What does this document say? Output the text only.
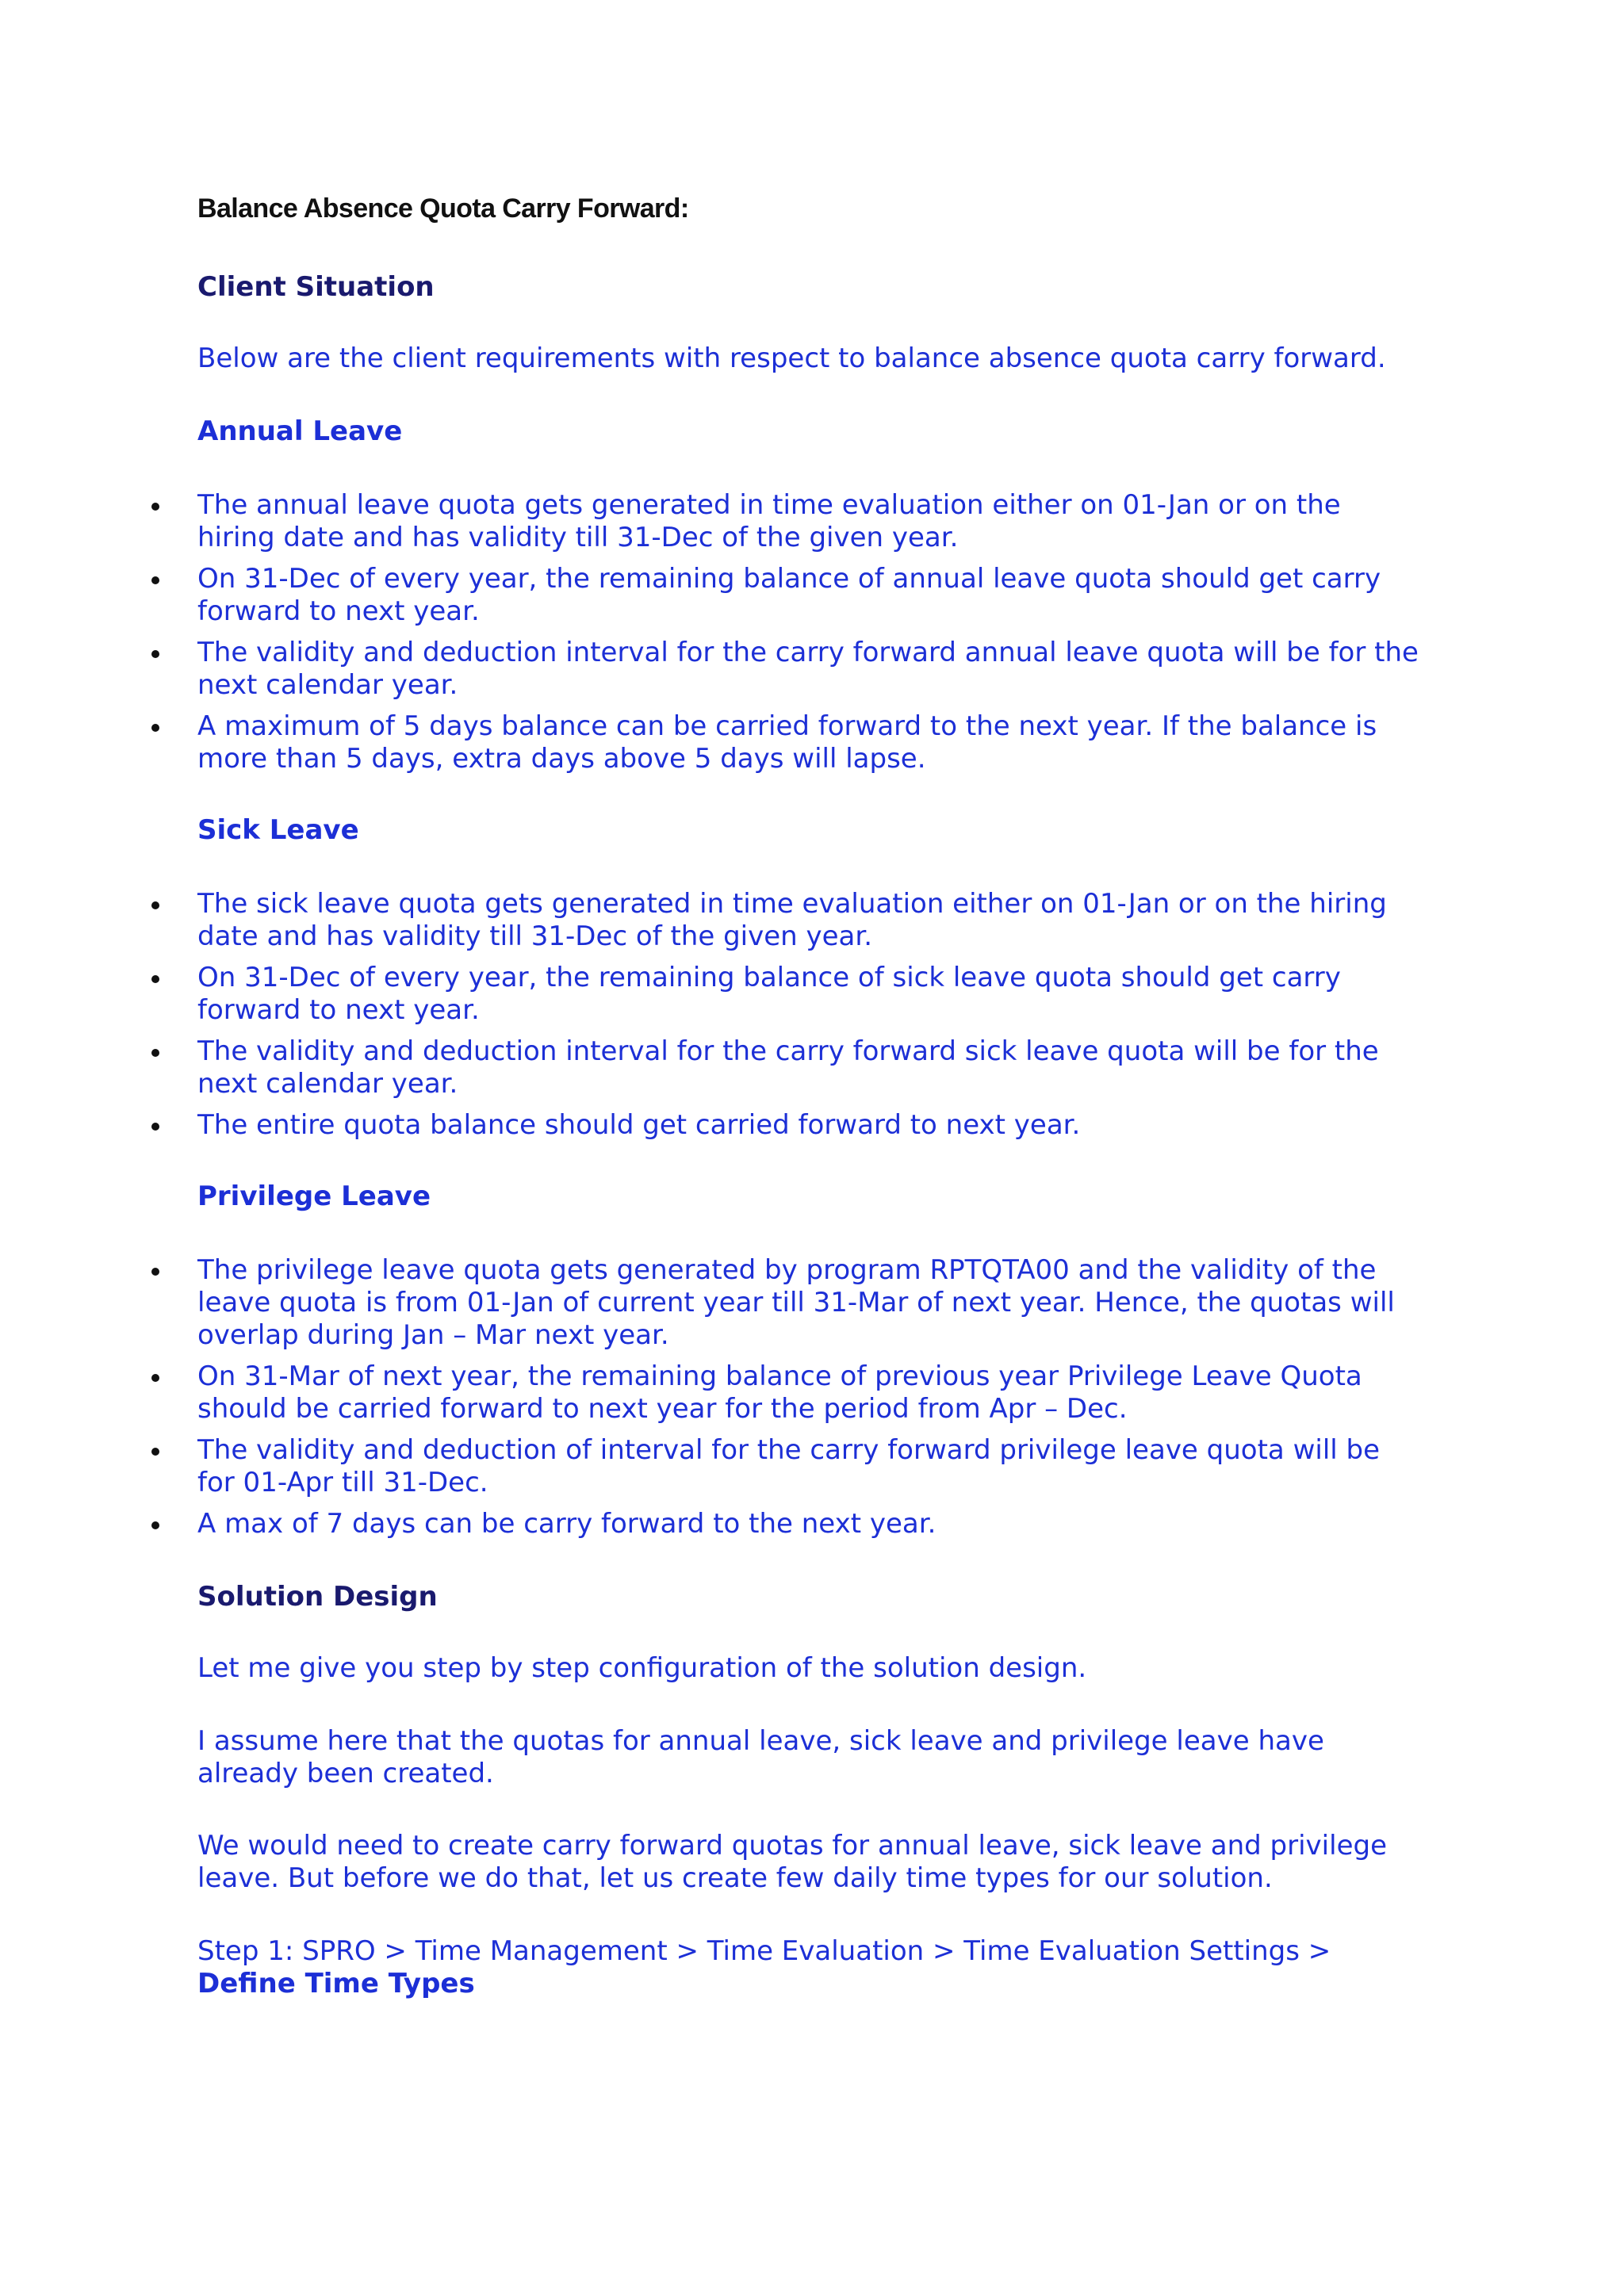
Balance Absence Quota Carry Forward:
Client Situation
Below are the client requirements with respect to balance absence quota carry forward.
Annual Leave
The annual leave quota gets generated in time evaluation either on 01-Jan or on the hiring date and has validity till 31-Dec of the given year.
On 31-Dec of every year, the remaining balance of annual leave quota should get carry forward to next year.
The validity and deduction interval for the carry forward annual leave quota will be for the next calendar year.
A maximum of 5 days balance can be carried forward to the next year. If the balance is more than 5 days, extra days above 5 days will lapse.
Sick Leave
The sick leave quota gets generated in time evaluation either on 01-Jan or on the hiring date and has validity till 31-Dec of the given year.
On 31-Dec of every year, the remaining balance of sick leave quota should get carry forward to next year.
The validity and deduction interval for the carry forward sick leave quota will be for the next calendar year.
The entire quota balance should get carried forward to next year.
Privilege Leave
The privilege leave quota gets generated by program RPTQTA00 and the validity of the leave quota is from 01-Jan of current year till 31-Mar of next year. Hence, the quotas will overlap during Jan – Mar next year.
On 31-Mar of next year, the remaining balance of previous year Privilege Leave Quota should be carried forward to next year for the period from Apr – Dec.
The validity and deduction of interval for the carry forward privilege leave quota will be for 01-Apr till 31-Dec.
A max of 7 days can be carry forward to the next year.
Solution Design
Let me give you step by step configuration of the solution design.
I assume here that the quotas for annual leave, sick leave and privilege leave have already been created.
We would need to create carry forward quotas for annual leave, sick leave and privilege leave. But before we do that, let us create few daily time types for our solution.
Step 1: SPRO > Time Management > Time Evaluation > Time Evaluation Settings >
Define Time Types
